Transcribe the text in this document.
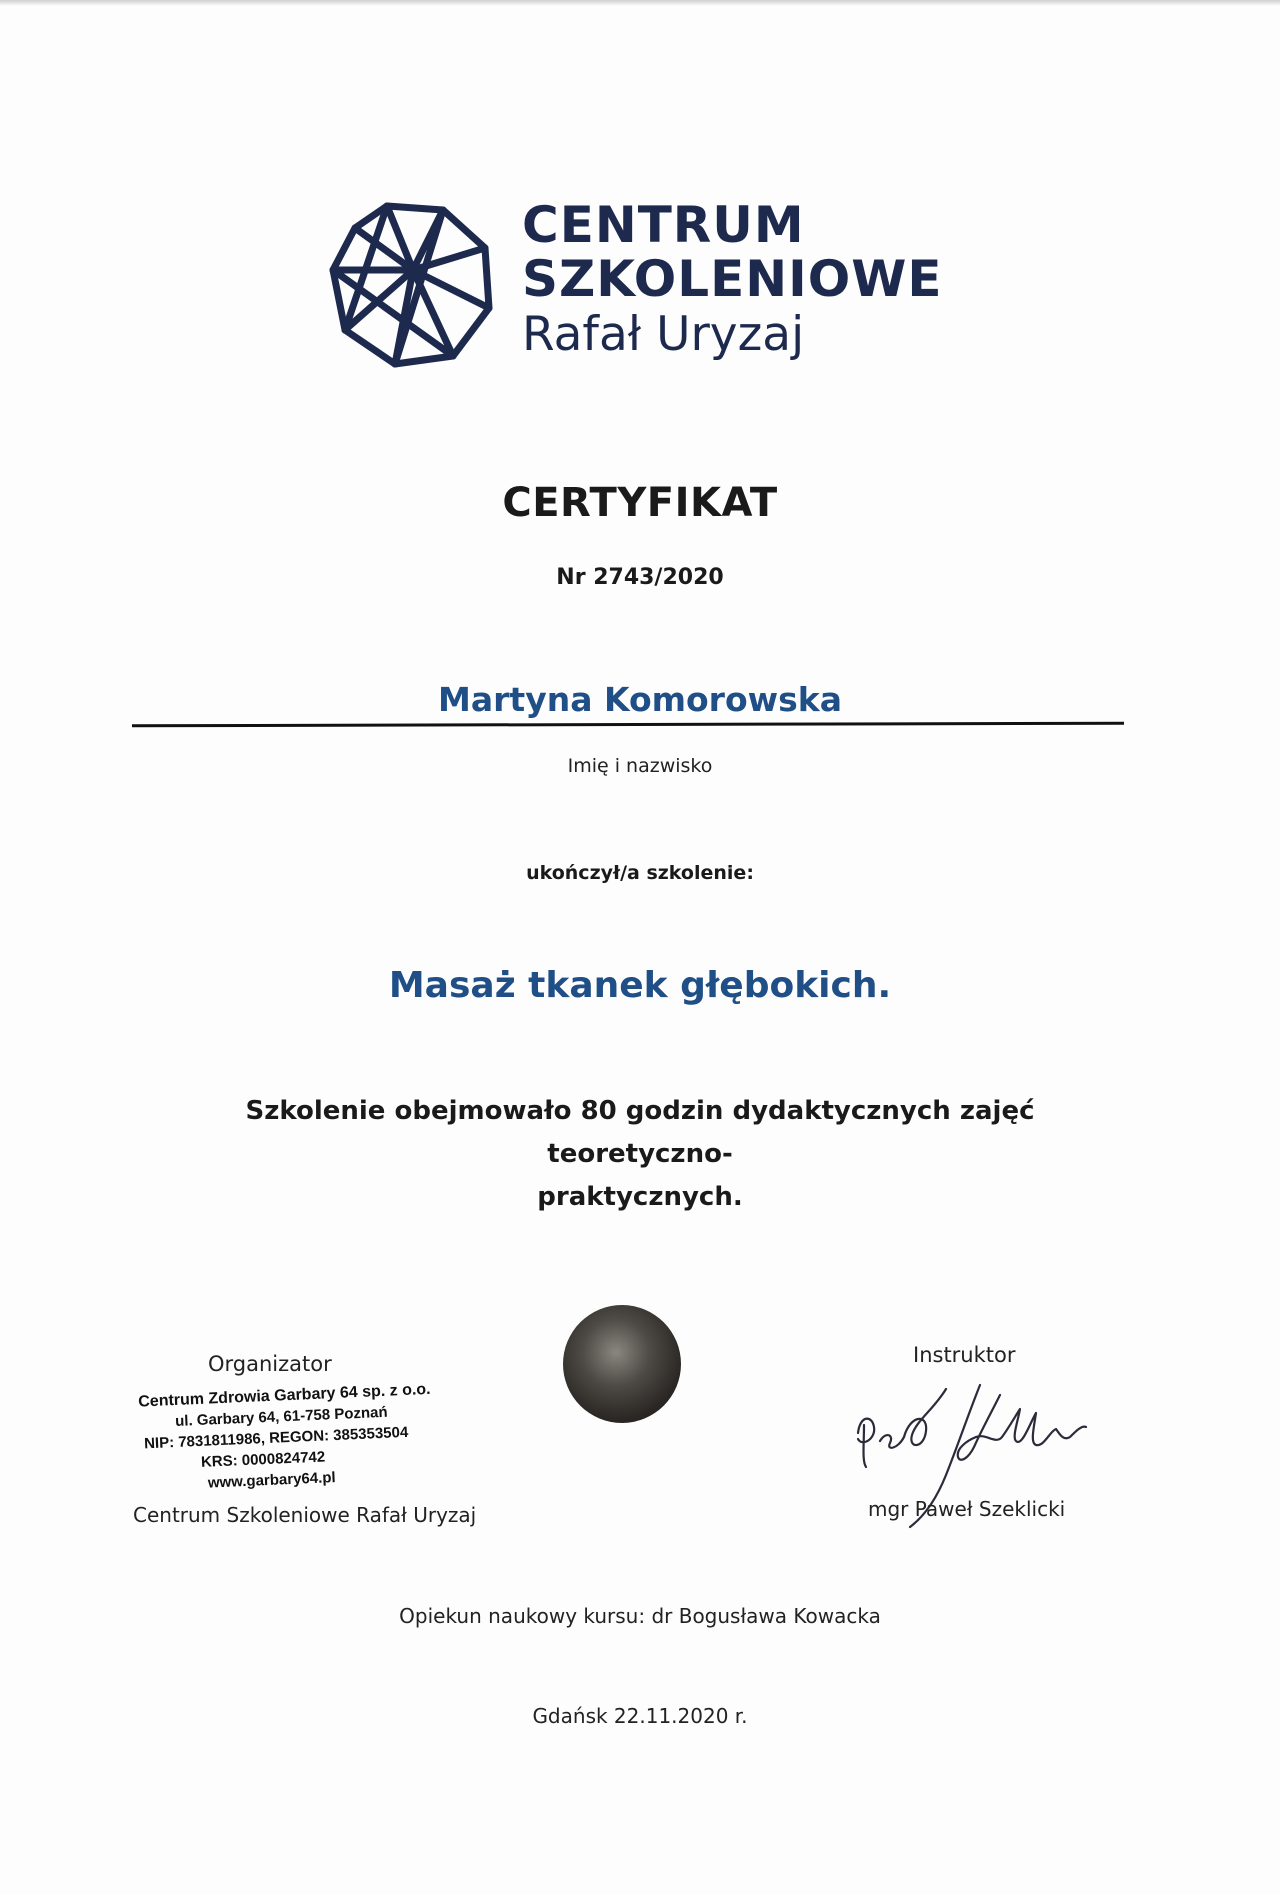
CENTRUM
SZKOLENIOWE
Rafał Uryzaj
CERTYFIKAT
Nr 2743/2020
Martyna Komorowska
Imię i nazwisko
ukończył/a szkolenie:
Masaż tkanek głębokich.
Szkolenie obejmowało 80 godzin dydaktycznych zajęć teoretyczno-
praktycznych.
Organizator
Centrum Zdrowia Garbary 64 sp. z o.o.
ul. Garbary 64, 61-758 Poznań
NIP: 7831811986, REGON: 385353504
KRS: 0000824742
www.garbary64.pl
Centrum Szkoleniowe Rafał Uryzaj
Instruktor
mgr Paweł Szeklicki
Opiekun naukowy kursu: dr Bogusława Kowacka
Gdańsk 22.11.2020 r.
